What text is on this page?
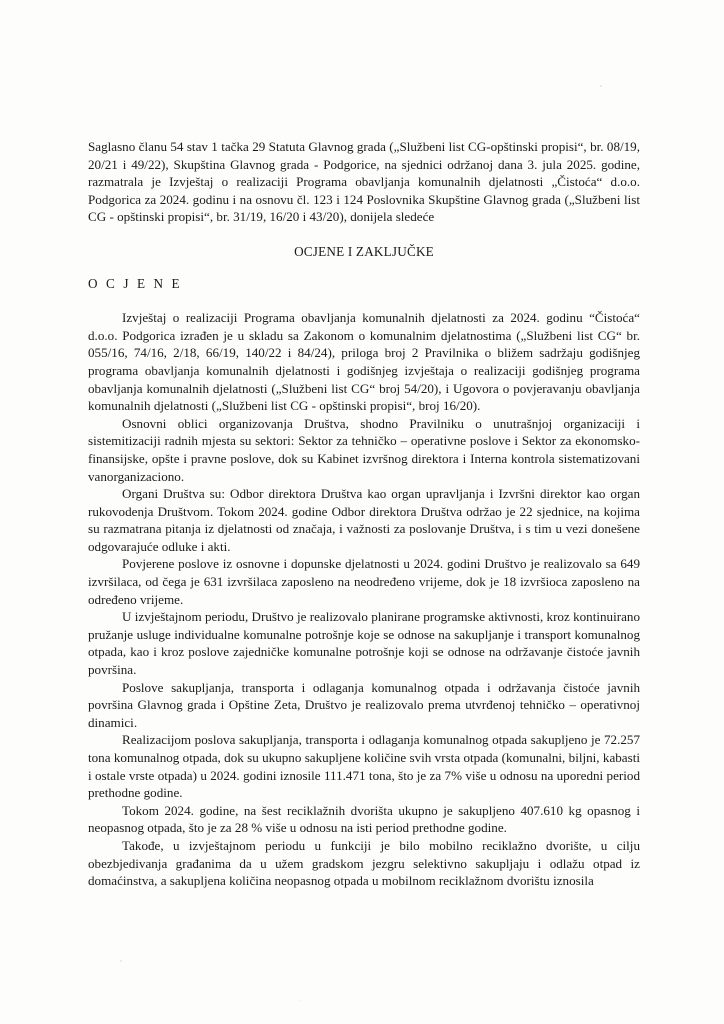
Saglasno članu 54 stav 1 tačka 29 Statuta Glavnog grada („Službeni list CG-opštinski propisi“, br. 08/19, 20/21 i 49/22), Skupština Glavnog grada - Podgorice, na sjednici održanoj dana 3. jula 2025. godine, razmatrala je Izvještaj o realizaciji Programa obavljanja komunalnih djelatnosti „Čistoća“ d.o.o. Podgorica za 2024. godinu i na osnovu čl. 123 i 124 Poslovnika Skupštine Glavnog grada („Službeni list CG - opštinski propisi“, br. 31/19, 16/20 i 43/20), donijela sledeće

OCJENE I ZAKLJUČKE

O C J E N E

Izvještaj o realizaciji Programa obavljanja komunalnih djelatnosti za 2024. godinu “Čistoća“ d.o.o. Podgorica izrađen je u skladu sa Zakonom o komunalnim djelatnostima („Službeni list CG“ br. 055/16, 74/16, 2/18, 66/19, 140/22 i 84/24), priloga broj 2 Pravilnika o bližem sadržaju godišnjeg programa obavljanja komunalnih djelatnosti i godišnjeg izvještaja o realizaciji godišnjeg programa obavljanja komunalnih djelatnosti („Službeni list CG“ broj 54/20), i Ugovora o povjeravanju obavljanja komunalnih djelatnosti („Službeni list CG - opštinski propisi“, broj 16/20).

Osnovni oblici organizovanja Društva, shodno Pravilniku o unutrašnjoj organizaciji i sistemitizaciji radnih mjesta su sektori: Sektor za tehničko – operativne poslove i Sektor za ekonomsko-finansijske, opšte i pravne poslove, dok su Kabinet izvršnog direktora i Interna kontrola sistematizovani vanorganizaciono.

Organi Društva su: Odbor direktora Društva kao organ upravljanja i Izvršni direktor kao organ rukovodenja Društvom. Tokom 2024. godine Odbor direktora Društva održao je 22 sjednice, na kojima su razmatrana pitanja iz djelatnosti od značaja, i važnosti za poslovanje Društva, i s tim u vezi donešene odgovarajuće odluke i akti.

Povjerene poslove iz osnovne i dopunske djelatnosti u 2024. godini Društvo je realizovalo sa 649 izvršilaca, od čega je 631 izvršilaca zaposleno na neodređeno vrijeme, dok je 18 izvršioca zaposleno na određeno vrijeme.

U izvještajnom periodu, Društvo je realizovalo planirane programske aktivnosti, kroz kontinuirano pružanje usluge individualne komunalne potrošnje koje se odnose na sakupljanje i transport komunalnog otpada, kao i kroz poslove zajedničke komunalne potrošnje koji se odnose na održavanje čistoće javnih površina.

Poslove sakupljanja, transporta i odlaganja komunalnog otpada i održavanja čistoće javnih površina Glavnog grada i Opštine Zeta, Društvo je realizovalo prema utvrđenoj tehničko – operativnoj dinamici.

Realizacijom poslova sakupljanja, transporta i odlaganja komunalnog otpada sakupljeno je 72.257 tona komunalnog otpada, dok su ukupno sakupljene količine svih vrsta otpada (komunalni, biljni, kabasti i ostale vrste otpada) u 2024. godini iznosile 111.471 tona, što je za 7% više u odnosu na uporedni period prethodne godine.

Tokom 2024. godine, na šest reciklažnih dvorišta ukupno je sakupljeno 407.610 kg opasnog i neopasnog otpada, što je za 28 % više u odnosu na isti period prethodne godine.

Takođe, u izvještajnom periodu u funkciji je bilo mobilno reciklažno dvorište, u cilju obezbjedivanja građanima da u užem gradskom jezgru selektivno sakupljaju i odlažu otpad iz domaćinstva, a sakupljena količina neopasnog otpada u mobilnom reciklažnom dvorištu iznosila
